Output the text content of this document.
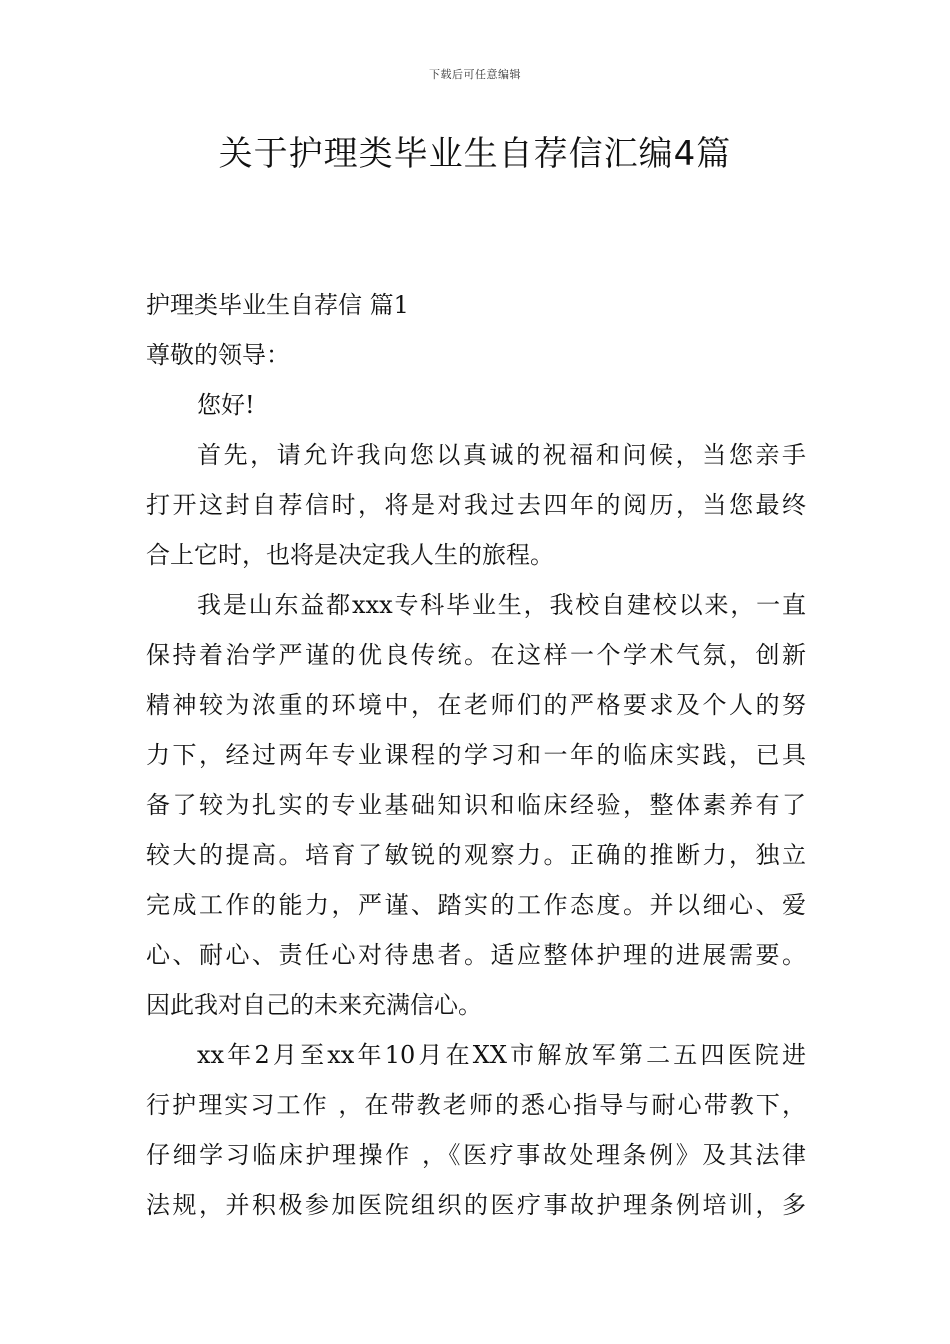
下载后可任意编辑
关于护理类毕业生自荐信汇编4篇
护理类毕业生自荐信 篇1
尊敬的领导：
您好!
首先，请允许我向您以真诚的祝福和问候，当您亲手
打开这封自荐信时，将是对我过去四年的阅历，当您最终
合上它时，也将是决定我人生的旅程。
我是山东益都xxx专科毕业生，我校自建校以来，一直
保持着治学严谨的优良传统。在这样一个学术气氛，创新
精神较为浓重的环境中，在老师们的严格要求及个人的努
力下，经过两年专业课程的学习和一年的临床实践，已具
备了较为扎实的专业基础知识和临床经验，整体素养有了
较大的提高。培育了敏锐的观察力。正确的推断力，独立
完成工作的能力，严谨、踏实的工作态度。并以细心、爱
心、耐心、责任心对待患者。适应整体护理的进展需要。
因此我对自己的未来充满信心。
xx年2月至xx年10月在XX市解放军第二五四医院进
行护理实习工作 ，在带教老师的悉心指导与耐心带教下，
仔细学习临床护理操作 ，《医疗事故处理条例》及其法律
法规，并积极参加医院组织的医疗事故护理条例培训，多
